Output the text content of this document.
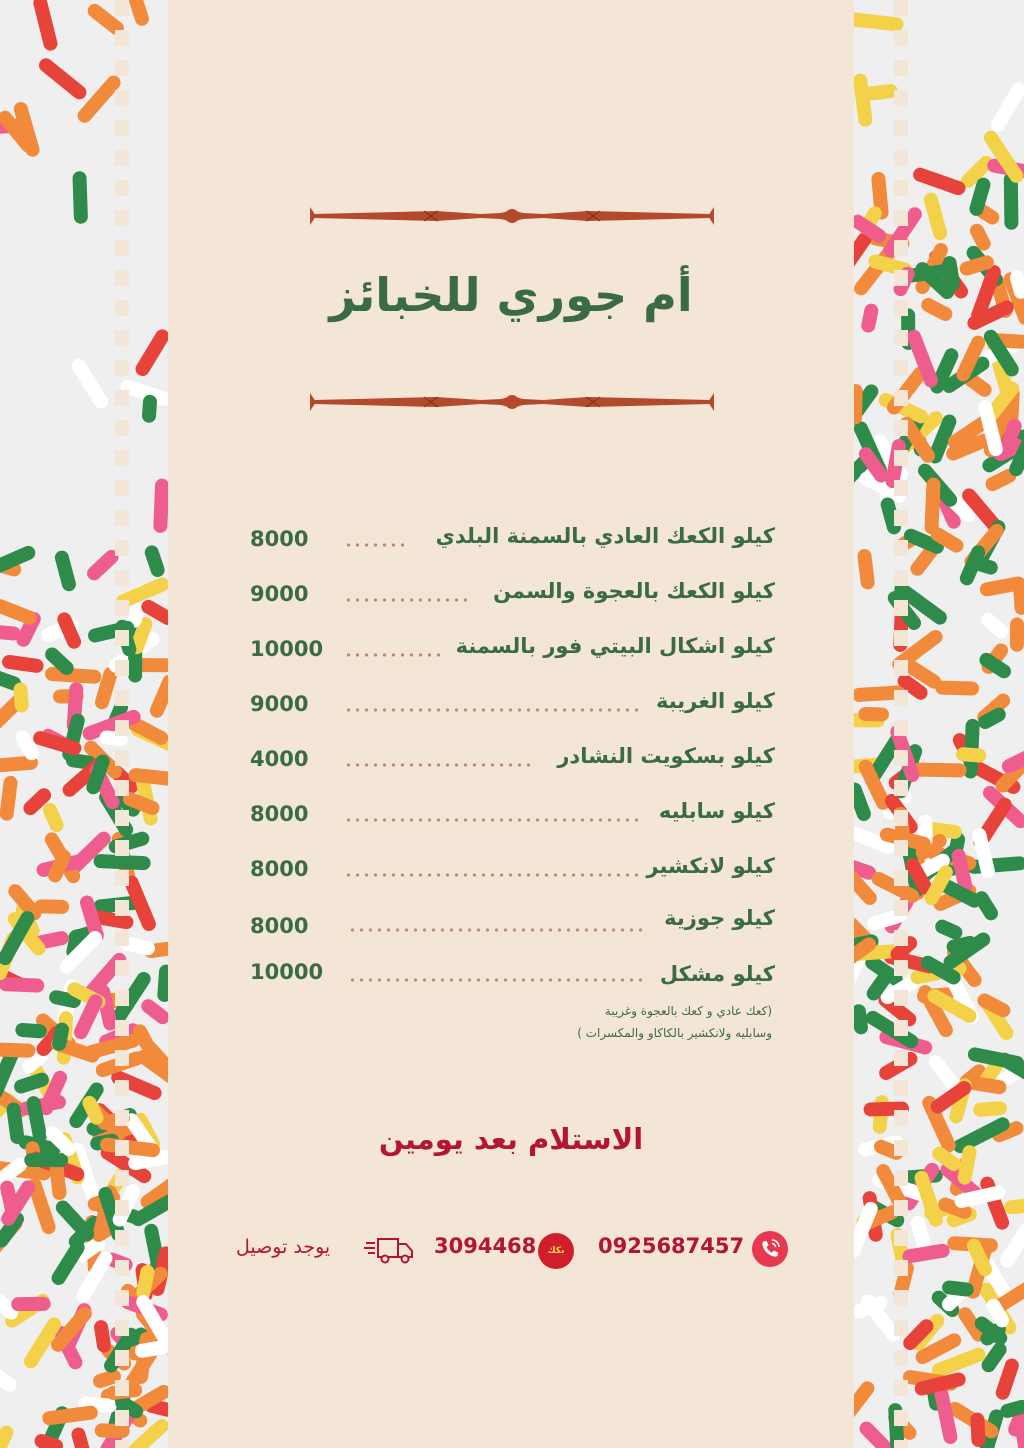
أم جوري للخبائز
كيلو الكعك العادي بالسمنة البلدي
8000
كيلو الكعك بالعجوة والسمن
9000
كيلو اشكال البيتي فور بالسمنة
10000
كيلو الغريبة
9000
كيلو بسكويت النشادر
4000
كيلو سابليه
8000
كيلو لانكشير
8000
كيلو جوزية
8000
كيلو مشكل
10000
(كعك عادي و كعك بالعجوة وغريبة
وسابليه ولانكشير بالكاكاو والمكسرات )
الاستلام بعد يومين
0925687457
بكك
3094468
يوجد توصيل
